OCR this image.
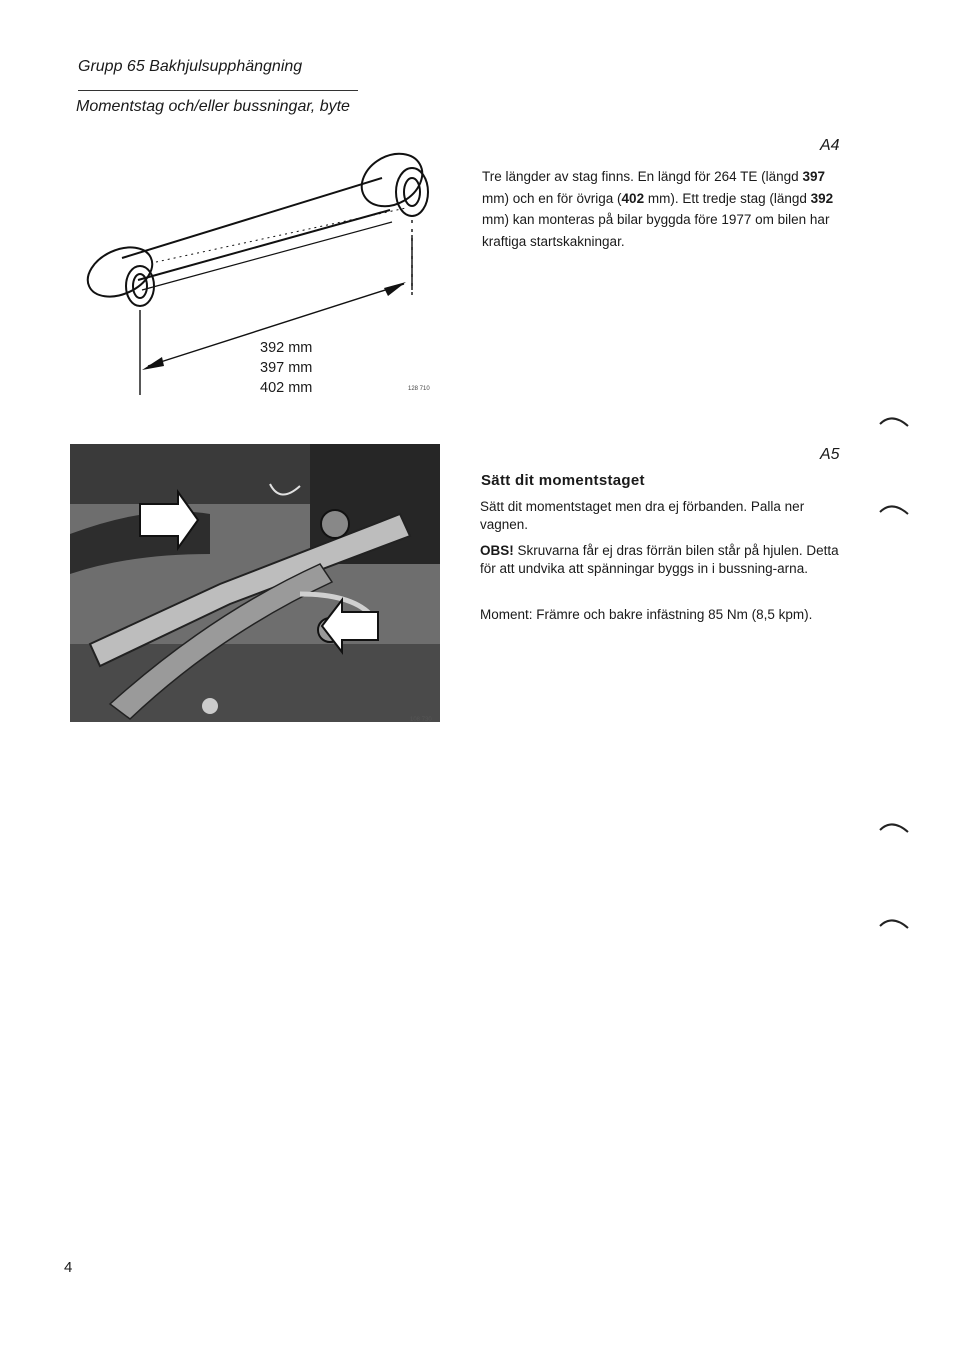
Grupp 65 Bakhjulsupphängning
Momentstag och/eller bussningar, byte
392 mm
397 mm
402 mm	128 710
A4
Tre längder av stag finns. En längd för 264 TE (längd 397 mm) och en för övriga (402 mm). Ett tredje stag (längd 392 mm) kan monteras på bilar byggda före 1977 om bilen har kraftiga startskakningar.
108 730
A5
Sätt dit momentstaget
Sätt dit momentstaget men dra ej förbanden. Palla ner vagnen.
OBS! Skruvarna får ej dras förrän bilen står på hjulen. Detta för att undvika att spänningar byggs in i bussning-arna.
Moment: Främre och bakre infästning 85 Nm (8,5 kpm).
4
